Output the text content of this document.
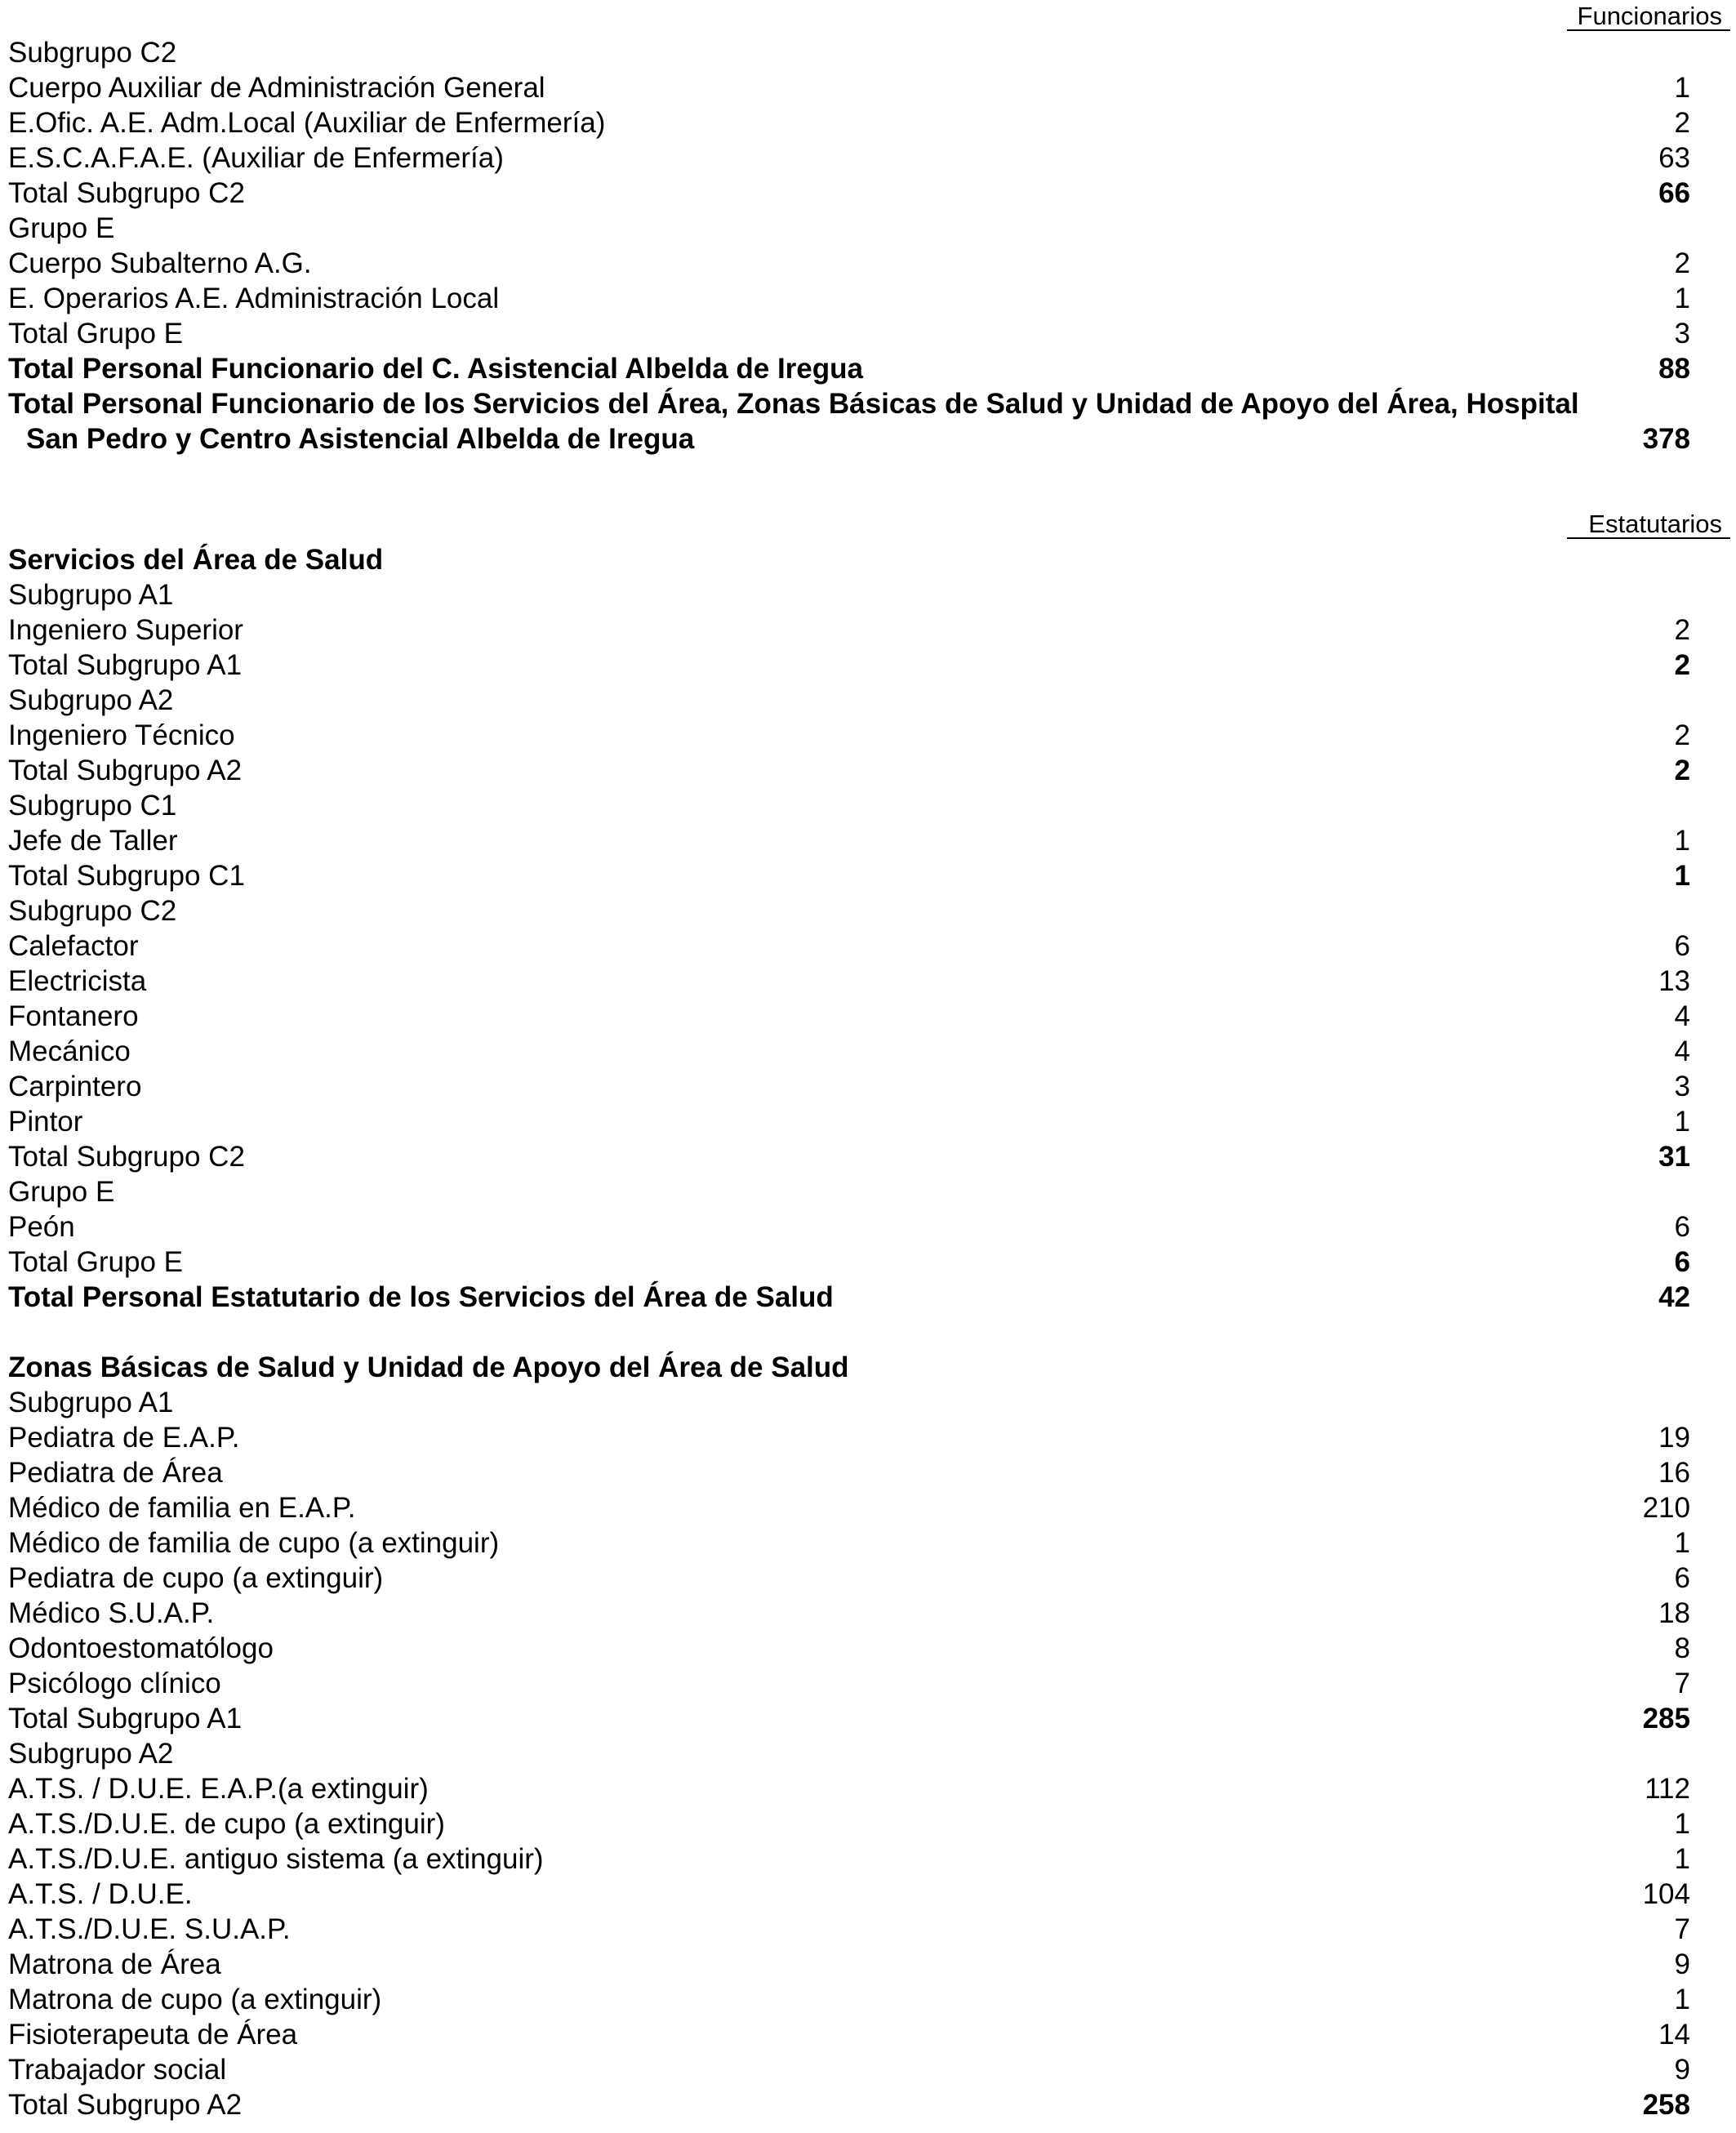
Funcionarios
Estatutarios
Subgrupo C2
Cuerpo Auxiliar de Administración General	1
E.Ofic. A.E. Adm.Local (Auxiliar de Enfermería)	2
E.S.C.A.F.A.E. (Auxiliar de Enfermería)	63
Total Subgrupo C2	66
Grupo E
Cuerpo Subalterno A.G.	2
E. Operarios A.E. Administración Local	1
Total Grupo E	3
Total Personal Funcionario del C. Asistencial Albelda de Iregua	88
Total Personal Funcionario de los Servicios del Área, Zonas Básicas de Salud y Unidad de Apoyo del Área, Hospital
San Pedro y Centro Asistencial Albelda de Iregua	378
Servicios del Área de Salud
Subgrupo A1
Ingeniero Superior	2
Total Subgrupo A1	2
Subgrupo A2
Ingeniero Técnico	2
Total Subgrupo A2	2
Subgrupo C1
Jefe de Taller	1
Total Subgrupo C1	1
Subgrupo C2
Calefactor	6
Electricista	13
Fontanero	4
Mecánico	4
Carpintero	3
Pintor	1
Total Subgrupo C2	31
Grupo E
Peón	6
Total Grupo E	6
Total Personal Estatutario de los Servicios del Área de Salud	42
Zonas Básicas de Salud y Unidad de Apoyo del Área de Salud
Subgrupo A1
Pediatra de E.A.P.	19
Pediatra de Área	16
Médico de familia en E.A.P.	210
Médico de familia de cupo (a extinguir)	1
Pediatra de cupo (a extinguir)	6
Médico S.U.A.P.	18
Odontoestomatólogo	8
Psicólogo clínico	7
Total Subgrupo A1	285
Subgrupo A2
A.T.S. / D.U.E. E.A.P.(a extinguir)	112
A.T.S./D.U.E. de cupo (a extinguir)	1
A.T.S./D.U.E. antiguo sistema (a extinguir)	1
A.T.S. / D.U.E.	104
A.T.S./D.U.E. S.U.A.P.	7
Matrona de Área	9
Matrona de cupo (a extinguir)	1
Fisioterapeuta de Área	14
Trabajador social	9
Total Subgrupo A2	258
